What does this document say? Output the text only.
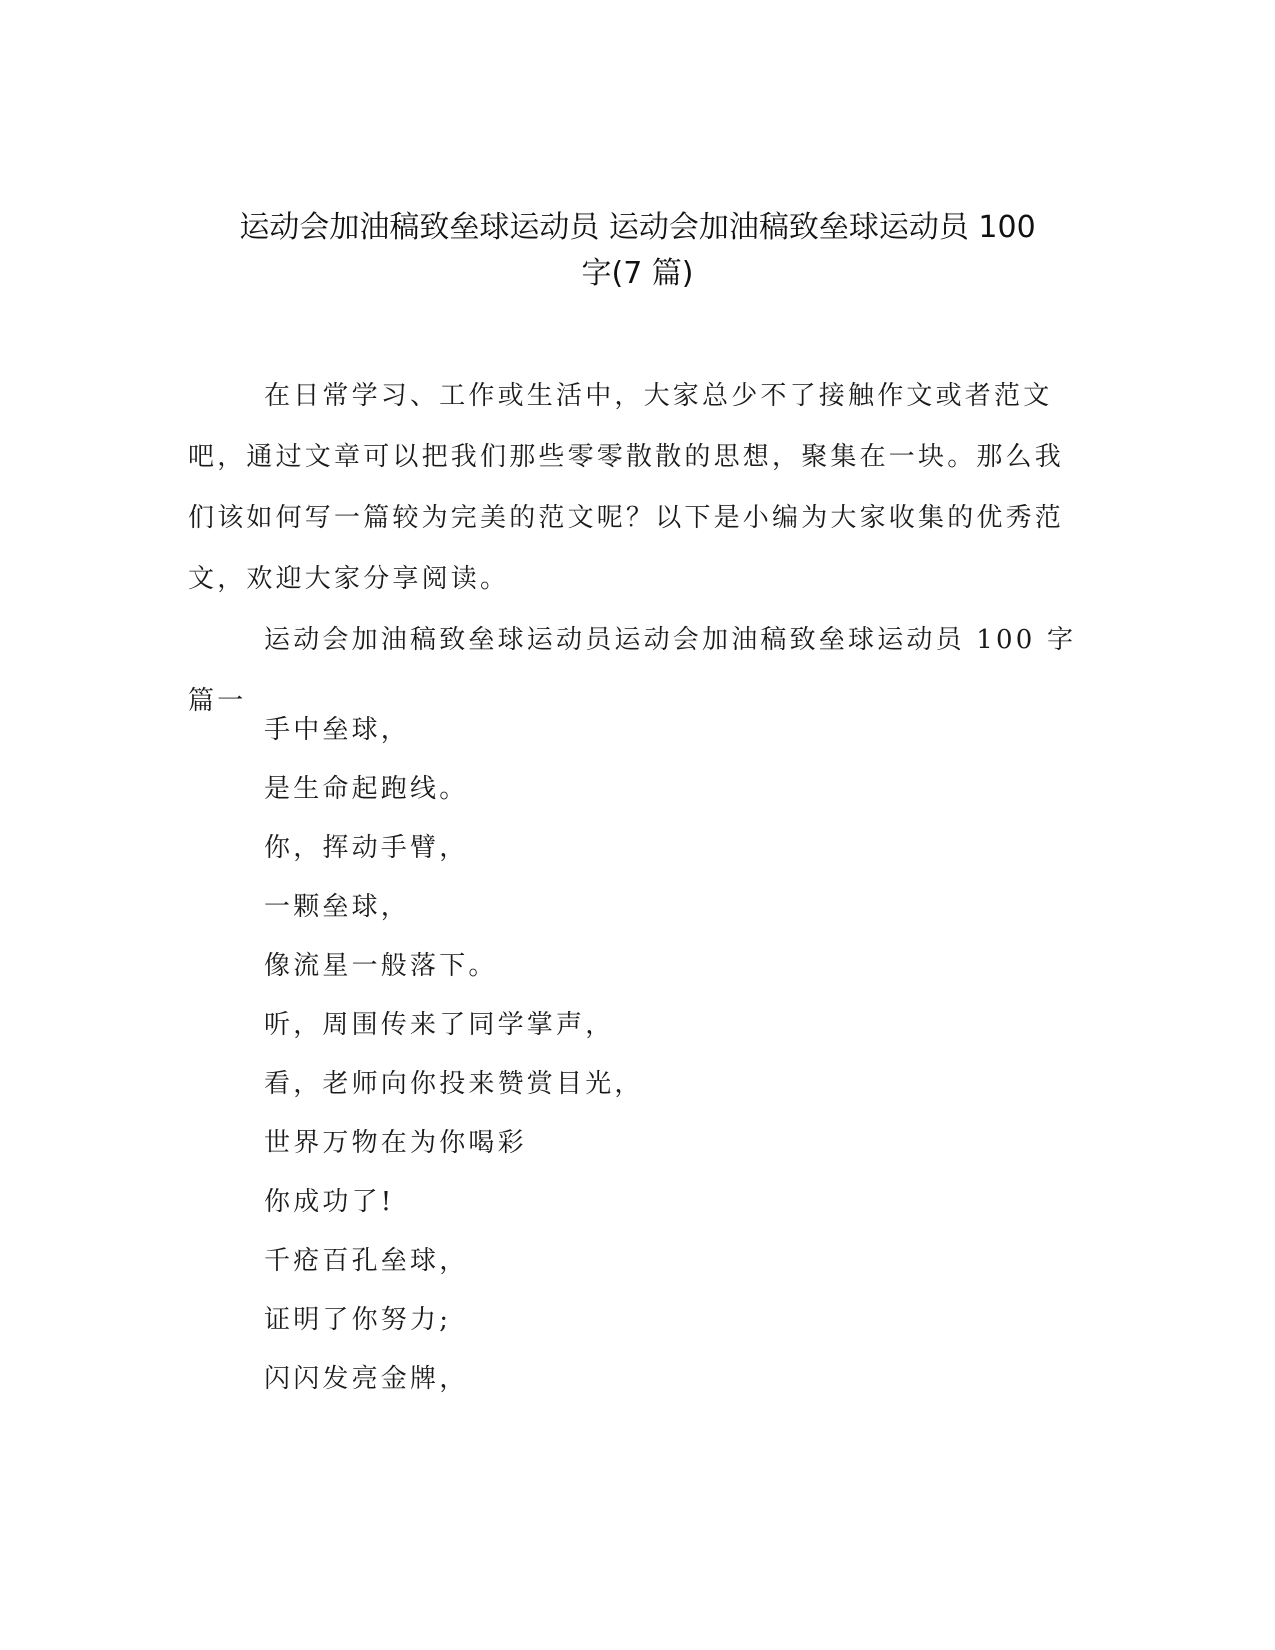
运动会加油稿致垒球运动员 运动会加油稿致垒球运动员 100
字(7 篇)

在日常学习、工作或生活中，大家总少不了接触作文或者范文吧，通过文章可以把我们那些零零散散的思想，聚集在一块。那么我们该如何写一篇较为完美的范文呢？以下是小编为大家收集的优秀范文，欢迎大家分享阅读。

运动会加油稿致垒球运动员运动会加油稿致垒球运动员 100 字篇一

手中垒球，
是生命起跑线。
你，挥动手臂，
一颗垒球，
像流星一般落下。
听，周围传来了同学掌声，
看，老师向你投来赞赏目光，
世界万物在为你喝彩
你成功了!
千疮百孔垒球，
证明了你努力;
闪闪发亮金牌，
